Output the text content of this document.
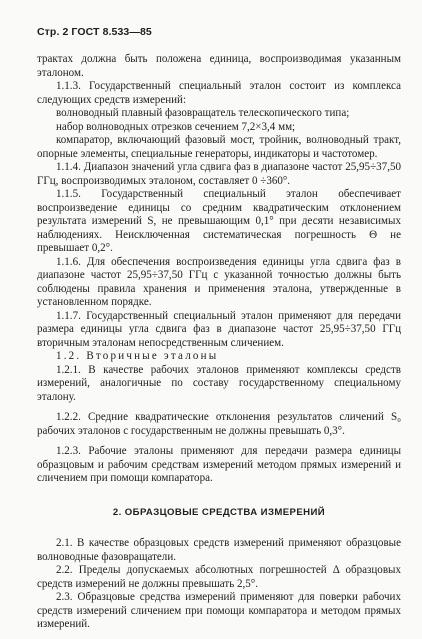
Стр. 2 ГОСТ 8.533—85

трактах должна быть положена единица, воспроизводимая указанным эталоном.

1.1.3. Государственный специальный эталон состоит из комплекса следующих средств измерений:

волноводный плавный фазовращатель телескопического типа;

набор волноводных отрезков сечением 7,2×3,4 мм;

компаратор, включающий фазовый мост, тройник, волноводный тракт, опорные элементы, специальные генераторы, индикаторы и частотомер.

1.1.4. Диапазон значений угла сдвига фаз в диапазоне частот 25,95÷37,50 ГГц, воспроизводимых эталоном, составляет 0 ÷360°.

1.1.5. Государственный специальный эталон обеспечивает воспроизведение единицы со средним квадратическим отклонением результата измерений S, не превышающим 0,1° при десяти независимых наблюдениях. Неисключенная систематическая погрешность Θ не превышает 0,2°.

1.1.6. Для обеспечения воспроизведения единицы угла сдвига фаз в диапазоне частот 25,95÷37,50 ГГц с указанной точностью должны быть соблюдены правила хранения и применения эталона, утвержденные в установленном порядке.

1.1.7. Государственный специальный эталон применяют для передачи размера единицы угла сдвига фаз в диапазоне частот 25,95÷37,50 ГГц вторичным эталонам непосредственным сличением.

1.2. Вторичные эталоны

1.2.1. В качестве рабочих эталонов применяют комплексы средств измерений, аналогичные по составу государственному специальному эталону.

1.2.2. Средние квадратические отклонения результатов сличений S₀ рабочих эталонов с государственным не должны превышать 0,3°.

1.2.3. Рабочие эталоны применяют для передачи размера единицы образцовым и рабочим средствам измерений методом прямых измерений и сличением при помощи компаратора.

2. ОБРАЗЦОВЫЕ СРЕДСТВА ИЗМЕРЕНИЙ

2.1. В качестве образцовых средств измерений применяют образцовые волноводные фазовращатели.

2.2. Пределы допускаемых абсолютных погрешностей Δ образцовых средств измерений не должны превышать 2,5°.

2.3. Образцовые средства измерений применяют для поверки рабочих средств измерений сличением при помощи компаратора и методом прямых измерений.
